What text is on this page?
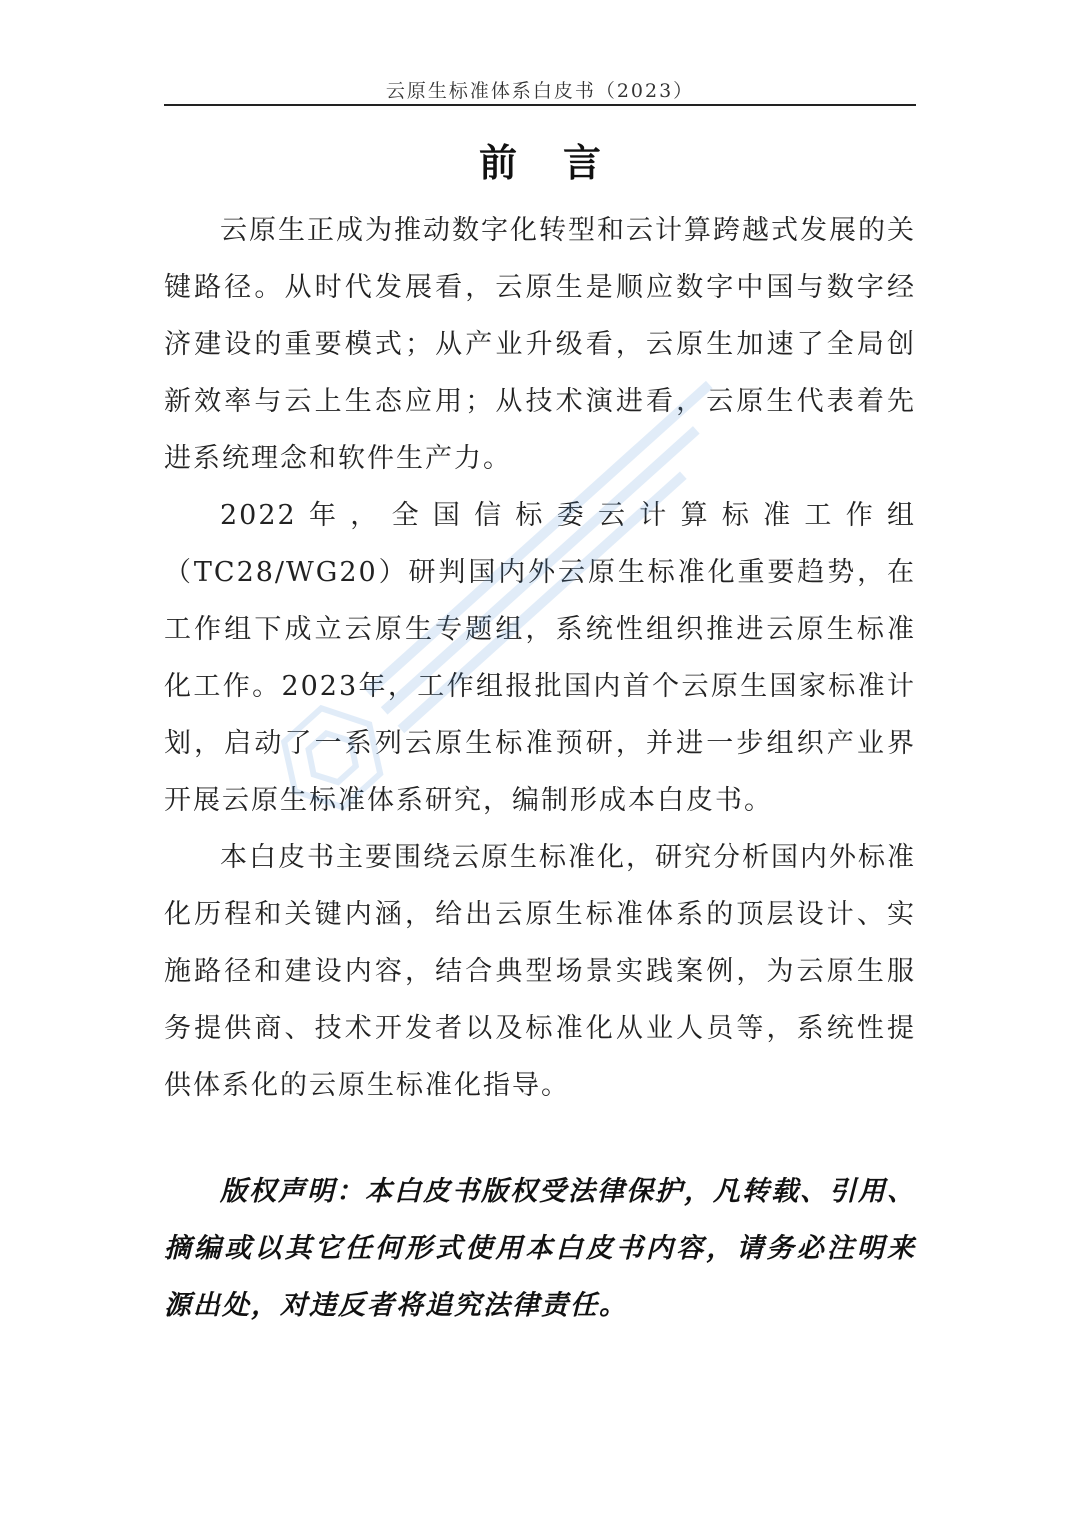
云原生标准体系白皮书（2023）
前言

云原生正成为推动数字化转型和云计算跨越式发展的关键路径。从时代发展看，云原生是顺应数字中国与数字经济建设的重要模式；从产业升级看，云原生加速了全局创新效率与云上生态应用；从技术演进看，云原生代表着先进系统理念和软件生产力。

2022年，全国信标委云计算标准工作组（TC28/WG20）研判国内外云原生标准化重要趋势，在工作组下成立云原生专题组，系统性组织推进云原生标准化工作。2023年，工作组报批国内首个云原生国家标准计划，启动了一系列云原生标准预研，并进一步组织产业界开展云原生标准体系研究，编制形成本白皮书。

本白皮书主要围绕云原生标准化，研究分析国内外标准化历程和关键内涵，给出云原生标准体系的顶层设计、实施路径和建设内容，结合典型场景实践案例，为云原生服务提供商、技术开发者以及标准化从业人员等，系统性提供体系化的云原生标准化指导。

版权声明：本白皮书版权受法律保护，凡转载、引用、摘编或以其它任何形式使用本白皮书内容，请务必注明来源出处，对违反者将追究法律责任。
